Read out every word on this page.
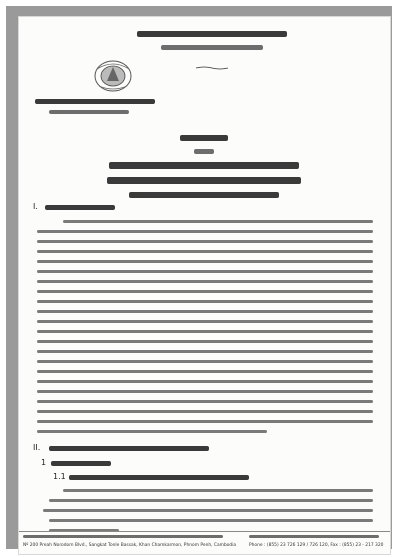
I.
II.
1
1.1
Nº 200 Preah Norodom Blvd., Sangkat Tonle Bassak, Khan Chamkarmon, Phnom Penh, Cambodia	Phone : (855) 23 726 129 / 726 120, Fax : (855) 23 - 217 320
